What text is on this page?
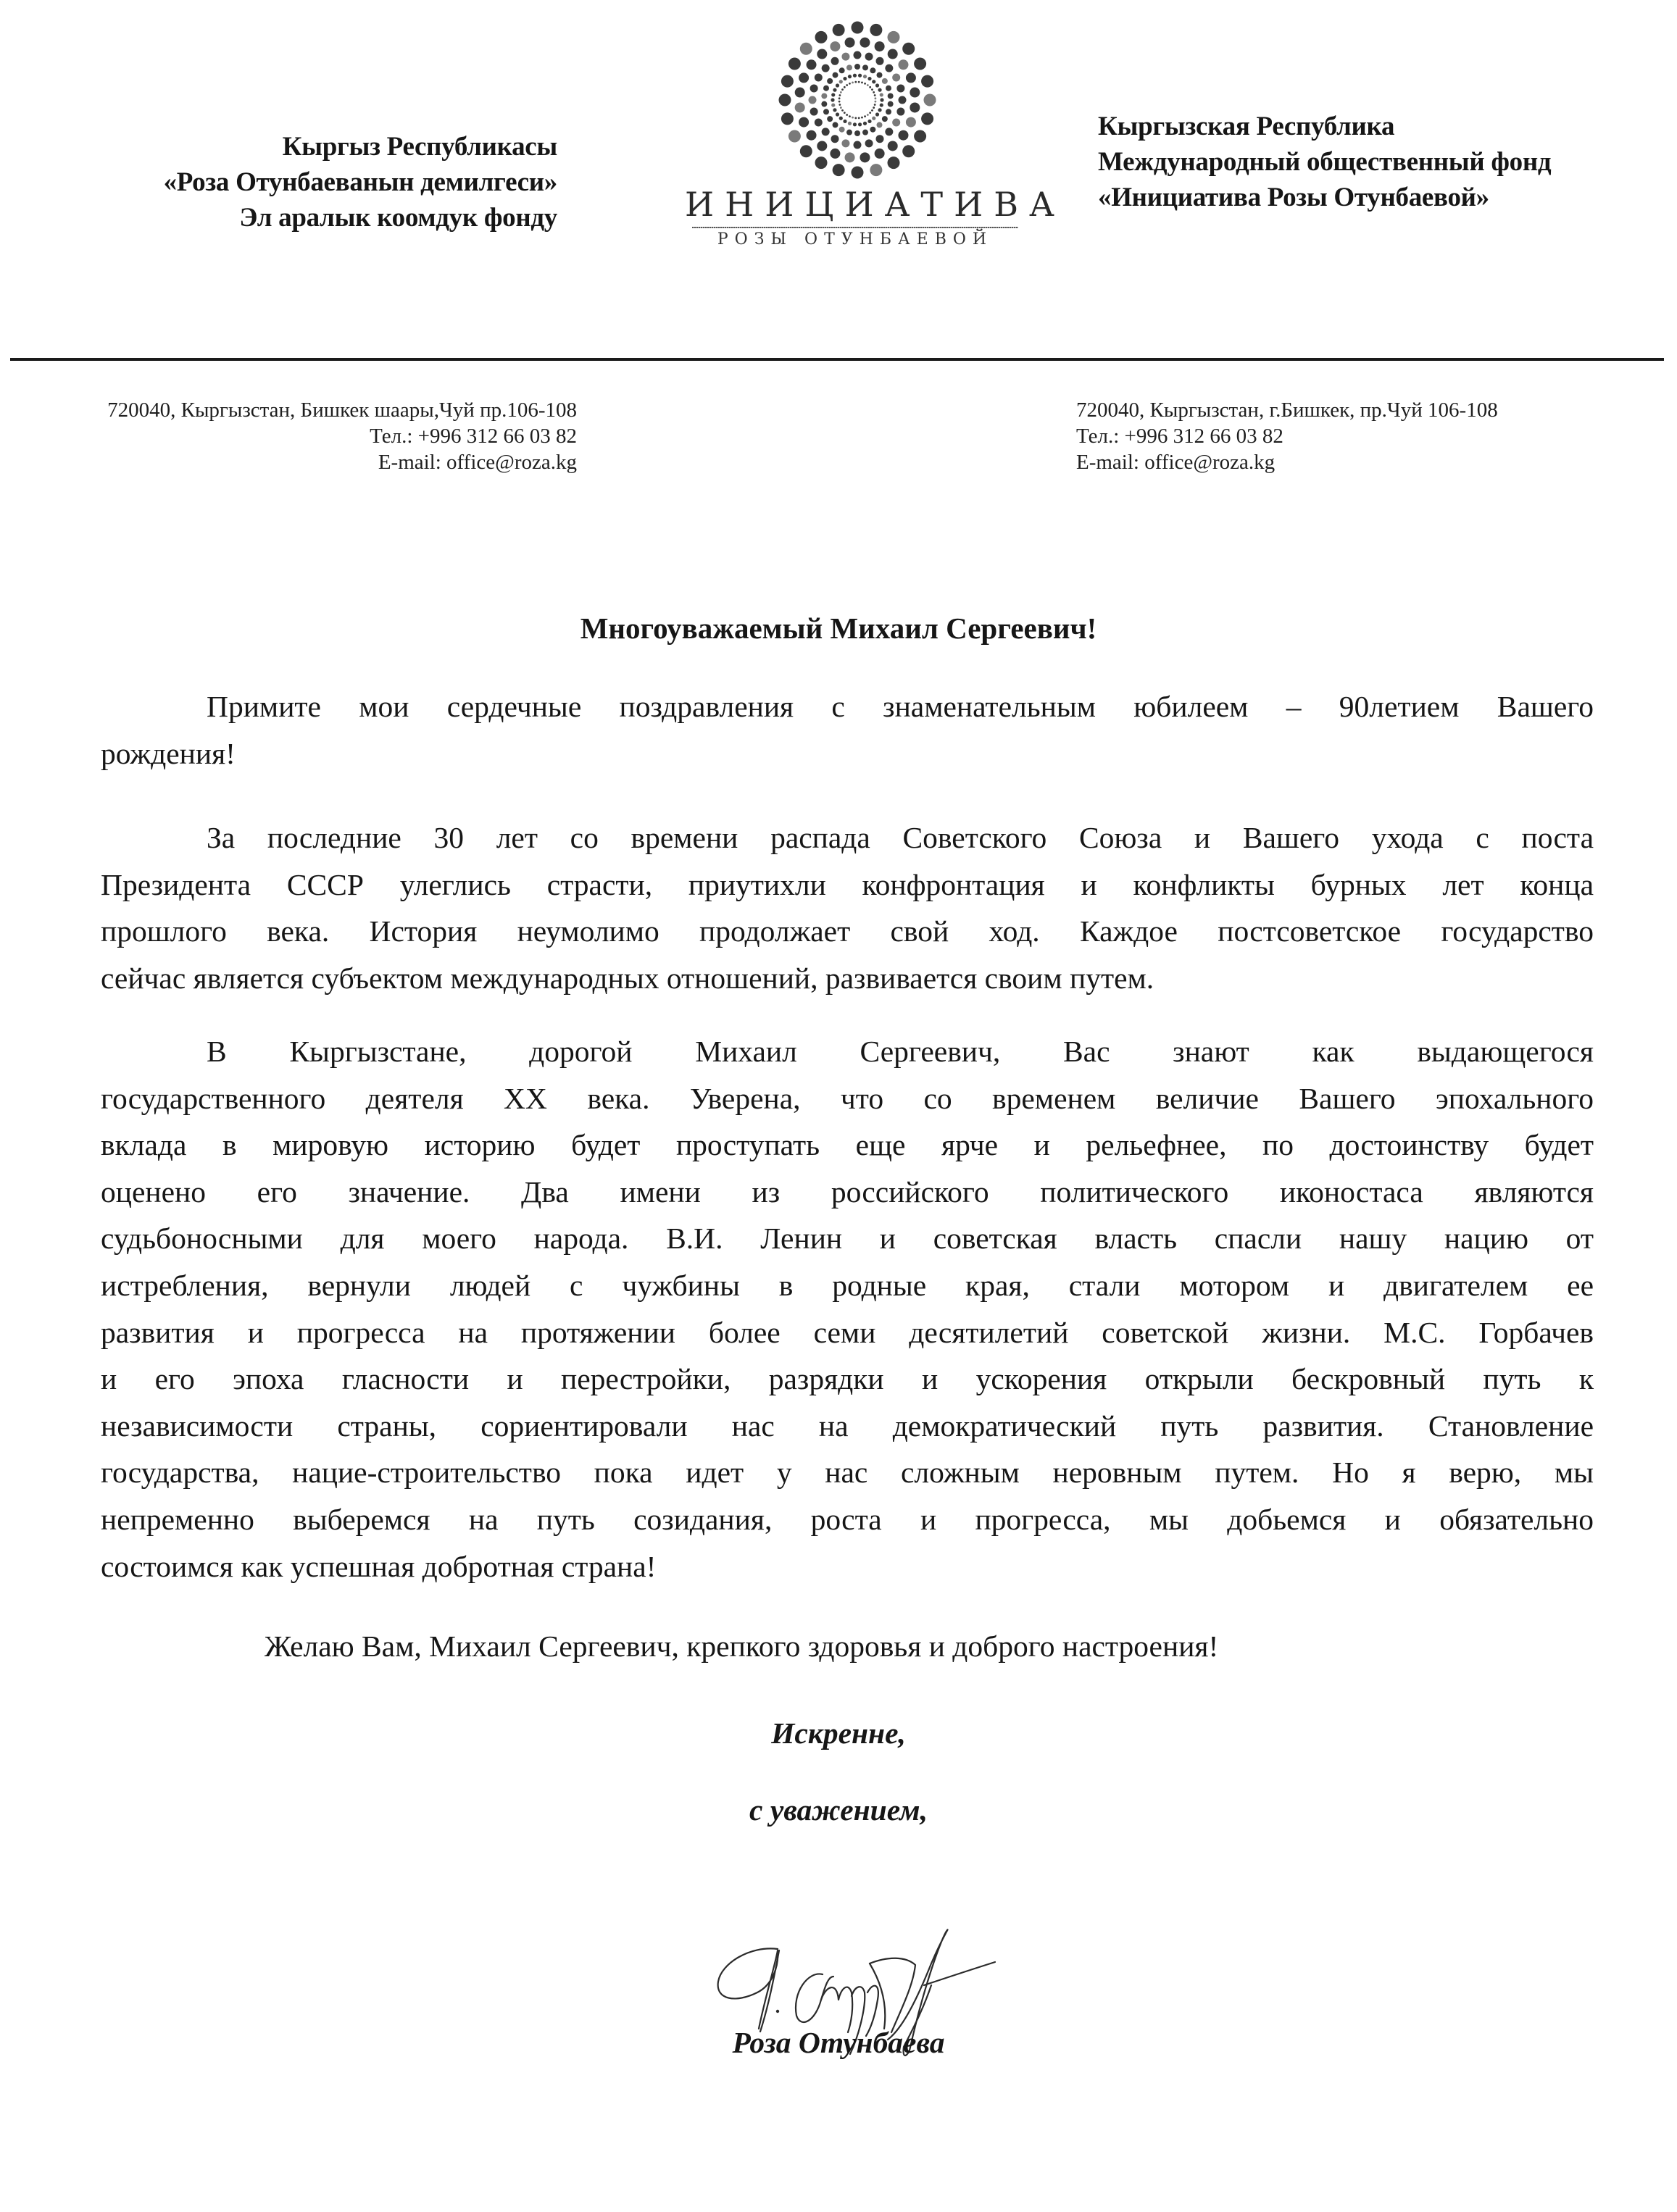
Кыргыз Республикасы
«Роза Отунбаеванын демилгеси»
Эл аралык коомдук фонду	ИНИЦИАТИВА
РОЗЫ ОТУНБАЕВОЙ
Кыргызская Республика
Международный общественный фонд
«Инициатива Розы Отунбаевой»
720040, Кыргызстан, Бишкек шаары,Чуй пр.106-108
Тел.: +996 312 66 03 82
E-mail: office@roza.kg
720040, Кыргызстан, г.Бишкек, пр.Чуй 106-108
Тел.: +996 312 66 03 82
E-mail: office@roza.kg
Многоуважаемый Михаил Сергеевич!
Примите мои сердечные поздравления с знаменательным юбилеем – 90летием Вашего
рождения!
За последние 30 лет со времени распада Советского Союза и Вашего ухода с поста
Президента СССР улеглись страсти, приутихли конфронтация и конфликты бурных лет конца
прошлого века. История неумолимо продолжает свой ход. Каждое постсоветское государство
сейчас является субъектом международных отношений, развивается своим путем.
В Кыргызстане, дорогой Михаил Сергеевич, Вас знают как выдающегося
государственного деятеля XX века. Уверена, что со временем величие Вашего эпохального
вклада в мировую историю будет проступать еще ярче и рельефнее, по достоинству будет
оценено его значение. Два имени из российского политического иконостаса являются
судьбоносными для моего народа. В.И. Ленин и советская власть спасли нашу нацию от
истребления, вернули людей с чужбины в родные края, стали мотором и двигателем ее
развития и прогресса на протяжении более семи десятилетий советской жизни. М.С. Горбачев
и его эпоха гласности и перестройки, разрядки и ускорения открыли бескровный путь к
независимости страны, сориентировали нас на демократический путь развития. Становление
государства, нацие-строительство пока идет у нас сложным неровным путем. Но я верю, мы
непременно выберемся на путь созидания, роста и прогресса, мы добьемся и обязательно
состоимся как успешная добротная страна!
Желаю Вам, Михаил Сергеевич, крепкого здоровья и доброго настроения!
Искренне,
с уважением,
Роза Отунбаева
